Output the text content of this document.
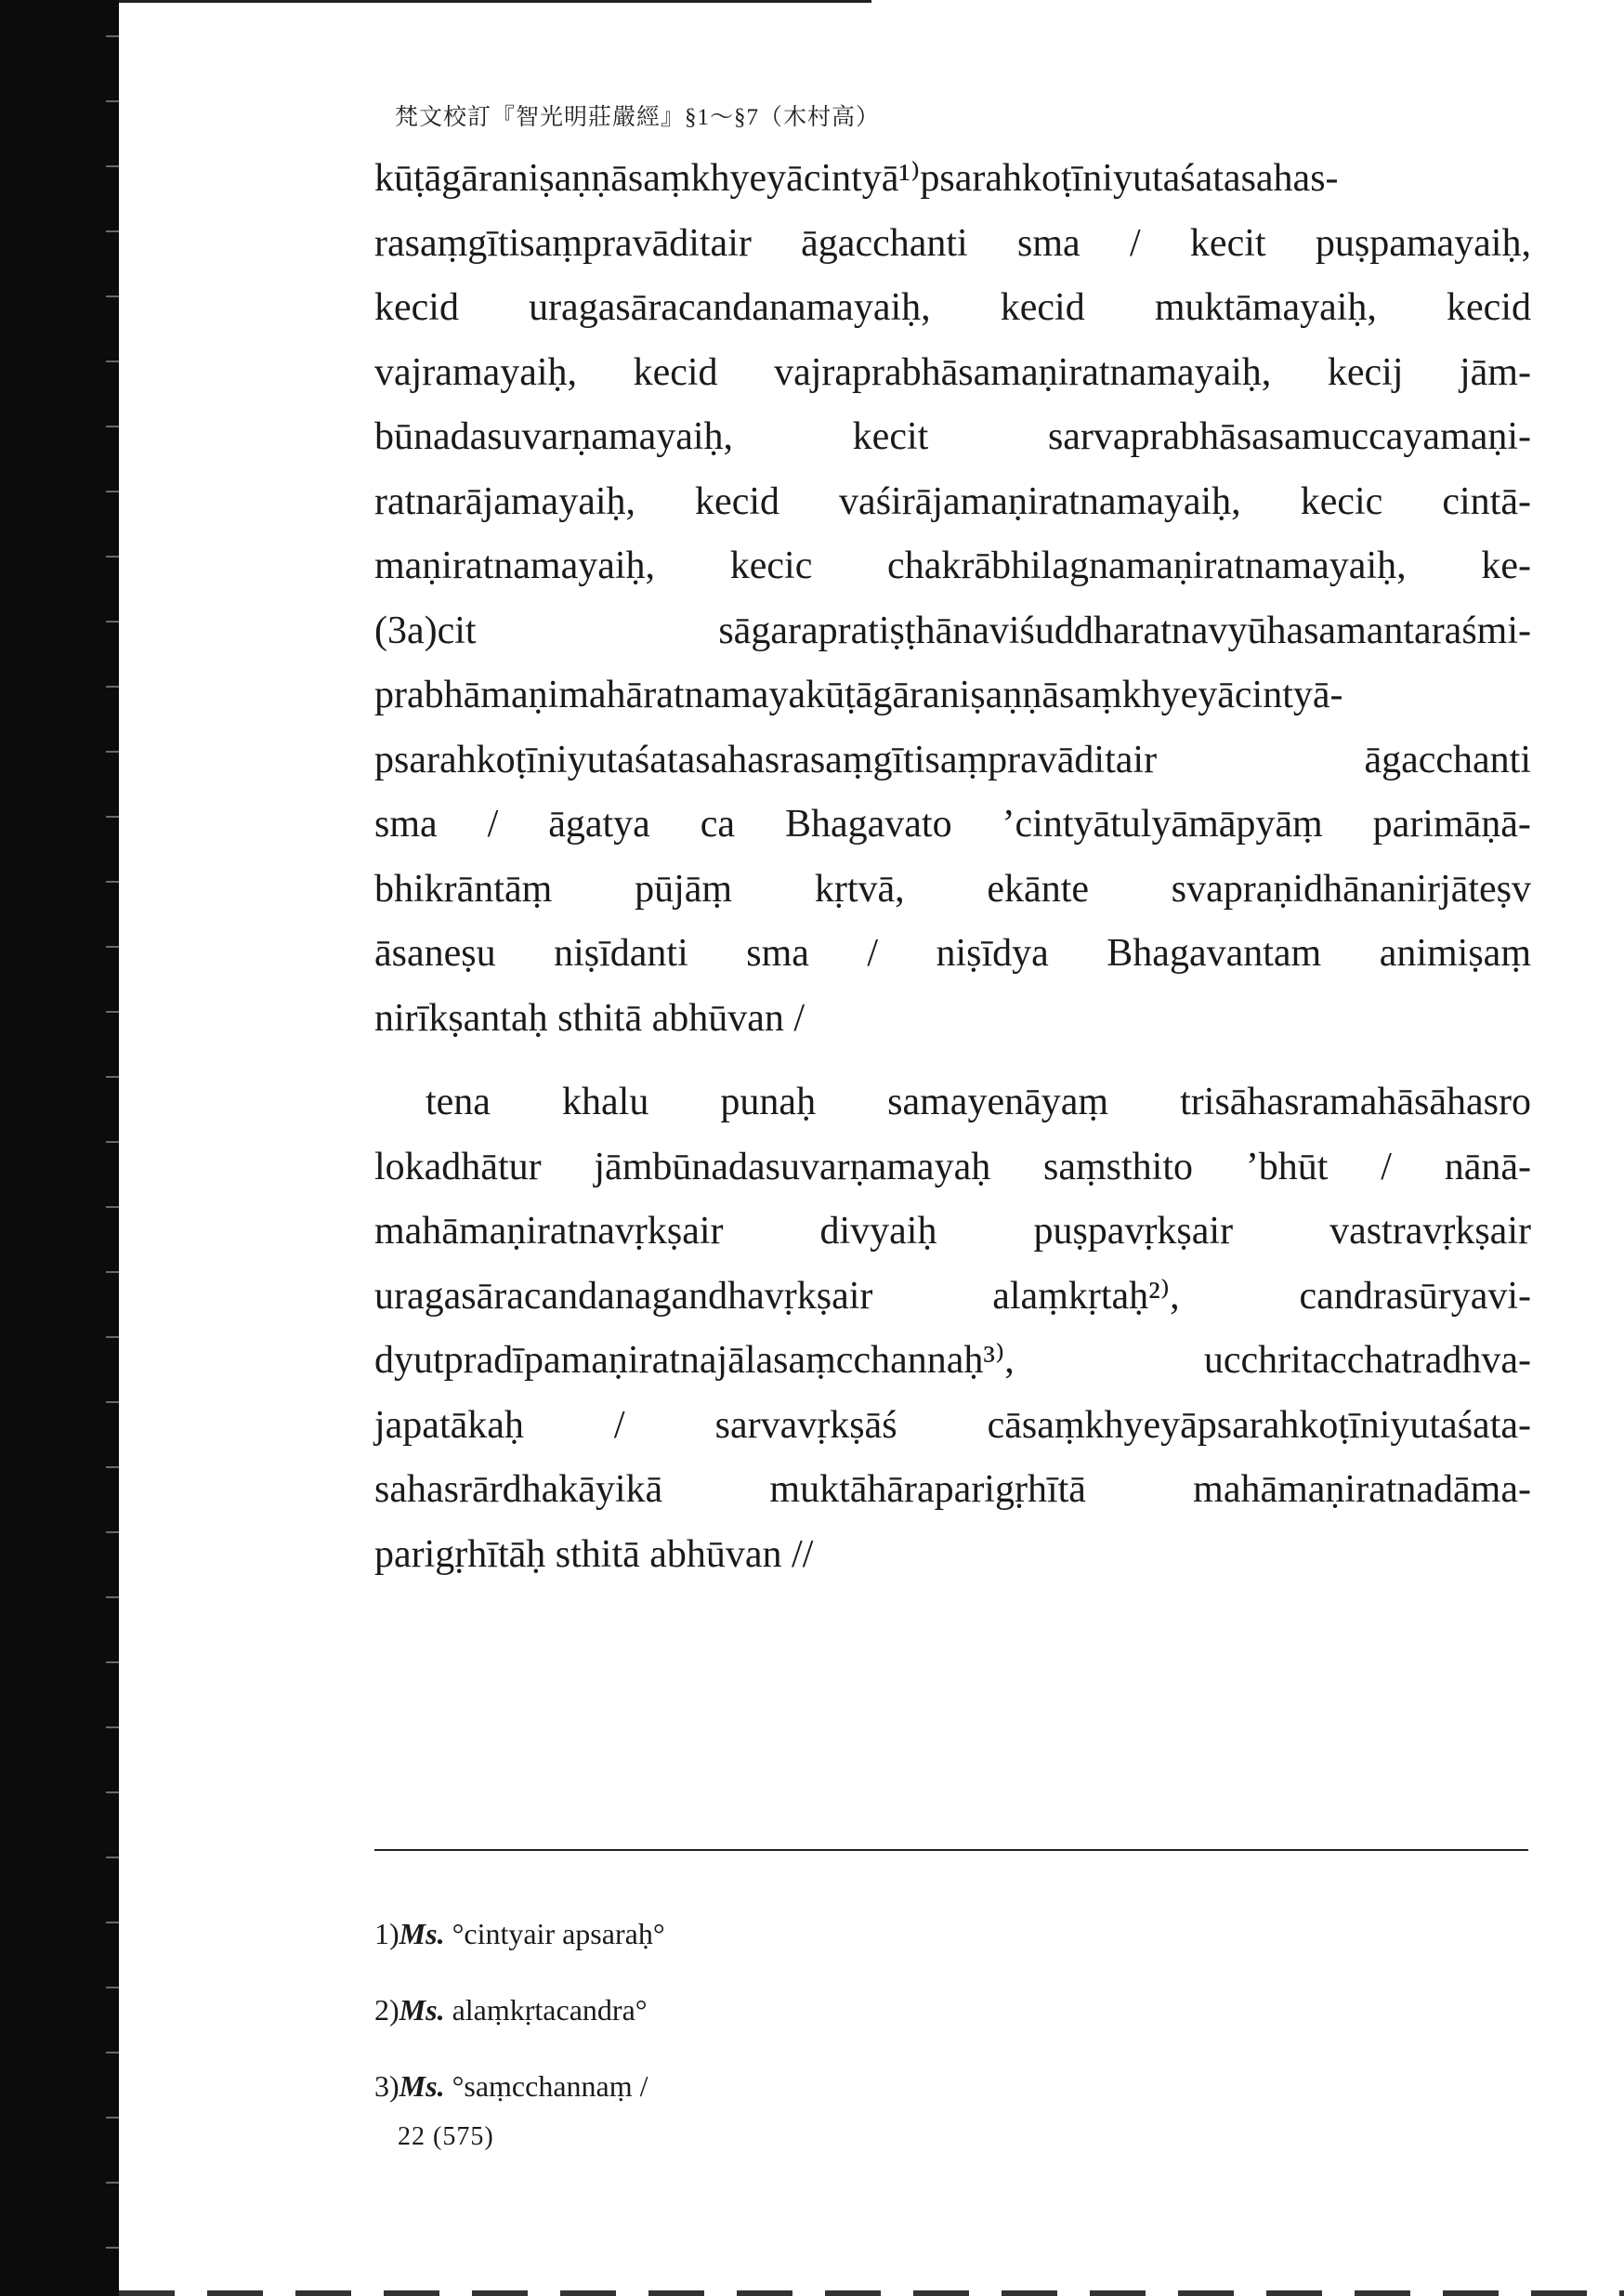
梵文校訂『智光明莊嚴經』§1～§7（木村高）
kūṭāgāraniṣaṇṇāsaṃkhyeyācintyā¹⁾psarahkoṭīniyutaśatasahas-
rasaṃgītisaṃpravāditair āgacchanti sma / kecit puṣpamayaiḥ,
kecid uragasāracandanamayaiḥ, kecid muktāmayaiḥ, kecid
vajramayaiḥ, kecid vajraprabhāsamaṇiratnamayaiḥ, kecij jām-
būnadasuvarṇamayaiḥ,	kecit	sarvaprabhāsasamuccayamaṇi-
ratnarājamayaiḥ, kecid vaśirājamaṇiratnamayaiḥ, kecic cintā-
maṇiratnamayaiḥ, kecic chakrābhilagnamaṇiratnamayaiḥ, ke-
(3a)cit	sāgarapratiṣṭhānaviśuddharatnavyūhasamantaraśmi-
prabhāmaṇimahāratnamayakūṭāgāraniṣaṇṇāsaṃkhyeyācintyā-
psarahkoṭīniyutaśatasahasrasaṃgītisaṃpravāditair	āgacchanti
sma / āgatya ca Bhagavato ’cintyātulyāmāpyāṃ parimāṇā-
bhikrāntāṃ pūjāṃ kṛtvā, ekānte svapraṇidhānanirjāteṣv
āsaneṣu niṣīdanti sma / niṣīdya Bhagavantam animiṣaṃ
nirīkṣantaḥ sthitā abhūvan /
tena khalu punaḥ samayenāyaṃ trisāhasramahāsāhasro
lokadhātur jāmbūnadasuvarṇamayaḥ saṃsthito ’bhūt / nānā-
mahāmaṇiratnavṛkṣair divyaiḥ puṣpavṛkṣair vastravṛkṣair
uragasāracandanagandhavṛkṣair	alaṃkṛtaḥ²⁾,	candrasūryavi-
dyutpradīpamaṇiratnajālasaṃcchannaḥ³⁾,	ucchritacchatradhva-
japatākaḥ / sarvavṛkṣāś cāsaṃkhyeyāpsarahkoṭīniyutaśata-
sahasrārdhakāyikā	muktāhāraparigṛhītā	mahāmaṇiratnadāma-
parigṛhītāḥ sthitā abhūvan //
1)Ms. °cintyair apsaraḥ°
2)Ms. alaṃkṛtacandra°
3)Ms. °saṃcchannaṃ /
22 (575)
